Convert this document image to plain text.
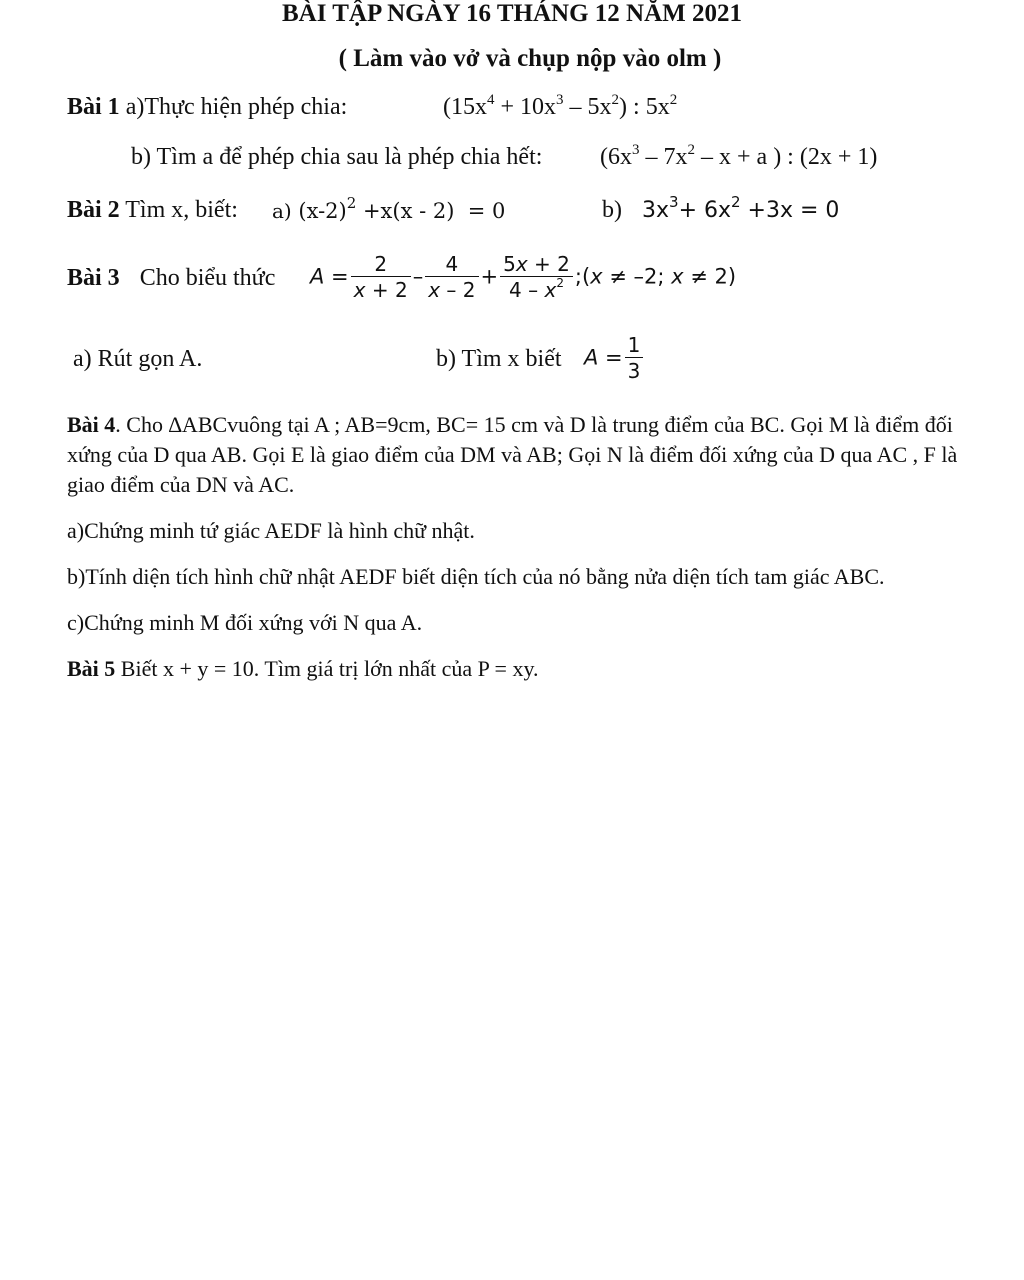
BÀI TẬP NGÀY 16 THÁNG 12 NĂM 2021
( Làm vào vở và chụp nộp vào olm )
Bài 1 a)Thực hiện phép chia:	$(15x^4 + 10x^3 - 5x^2)$ : $5x^2$
b) Tìm a để phép chia sau là phép chia hết: ($6x^3 - 7x^2 - x + a$ ) : (2x + 1)
Bài 2 Tìm x, biết: a) $(x-2)^2 +x(x - 2) = 0$	b)   $3x^3+ 6x^2 +3x = 0$
Bài 3 Cho biểu thức $A = \frac{2}{x + 2} - \frac{4}{x - 2} + \frac{5x + 2}{4 - x^2}$ ;(x ≠ –2; x ≠ 2)
a) Rút gọn A.	b) Tìm x biết $A = \frac{1}{3}$
Bài 4. Cho ∆ABCvuông tại A ; AB=9cm, BC= 15 cm và D là trung điểm của BC. Gọi M là điểm đối xứng của D qua AB. Gọi E là giao điểm của DM và AB; Gọi N là điểm đối xứng của D qua AC , F là giao điểm của DN và AC.
a)Chứng minh tứ giác AEDF là hình chữ nhật.
b)Tính diện tích hình chữ nhật AEDF biết diện tích của nó bằng nửa diện tích tam giác ABC.
c)Chứng minh M đối xứng với N qua A.
Bài 5 Biết x + y = 10. Tìm giá trị lớn nhất của P = xy.
